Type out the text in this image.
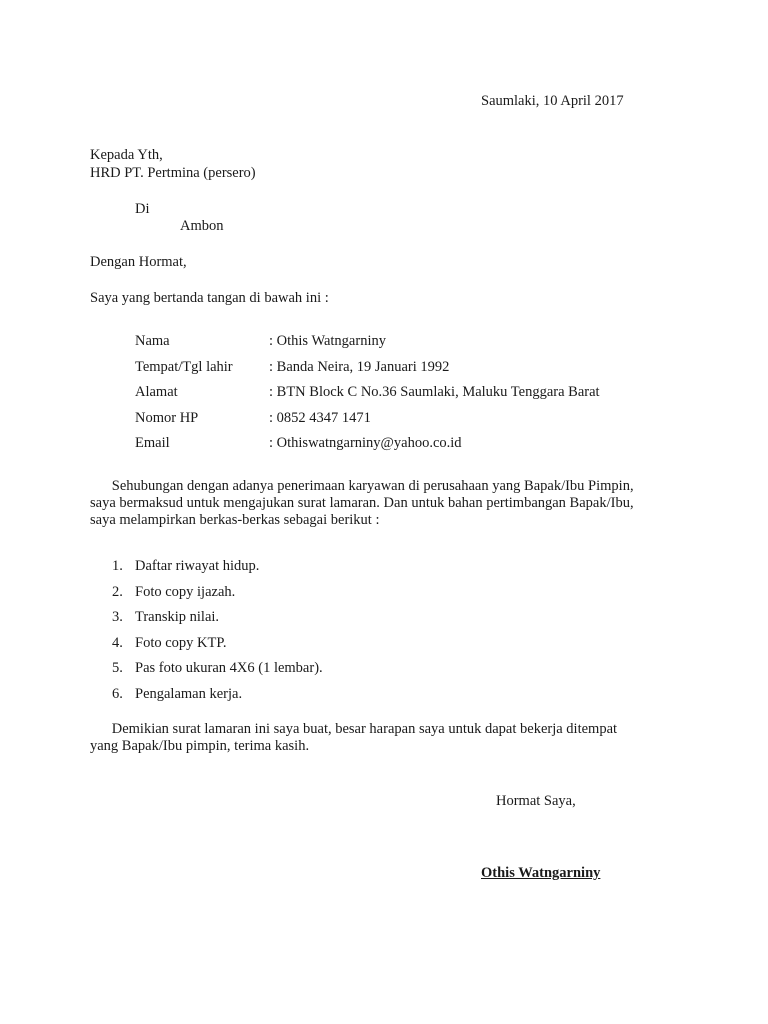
Saumlaki, 10 April 2017
Kepada Yth,
HRD PT. Pertmina (persero)
Di
Ambon
Dengan Hormat,
Saya yang bertanda tangan di bawah ini :
Nama	: Othis Watngarniny
Tempat/Tgl lahir	: Banda Neira, 19 Januari 1992
Alamat	: BTN Block C No.36 Saumlaki, Maluku Tenggara Barat
Nomor HP	: 0852 4347 1471
Email	: Othiswatngarniny@yahoo.co.id
Sehubungan dengan adanya penerimaan karyawan di perusahaan yang Bapak/Ibu Pimpin,
saya bermaksud untuk mengajukan surat lamaran. Dan untuk bahan pertimbangan Bapak/Ibu,
saya melampirkan berkas-berkas sebagai berikut :
1. Daftar riwayat hidup.
2. Foto copy ijazah.
3. Transkip nilai.
4. Foto copy KTP.
5. Pas foto ukuran 4X6 (1 lembar).
6. Pengalaman kerja.
Demikian surat lamaran ini saya buat, besar harapan saya untuk dapat bekerja ditempat
yang Bapak/Ibu pimpin, terima kasih.
Hormat Saya,
Othis Watngarniny
